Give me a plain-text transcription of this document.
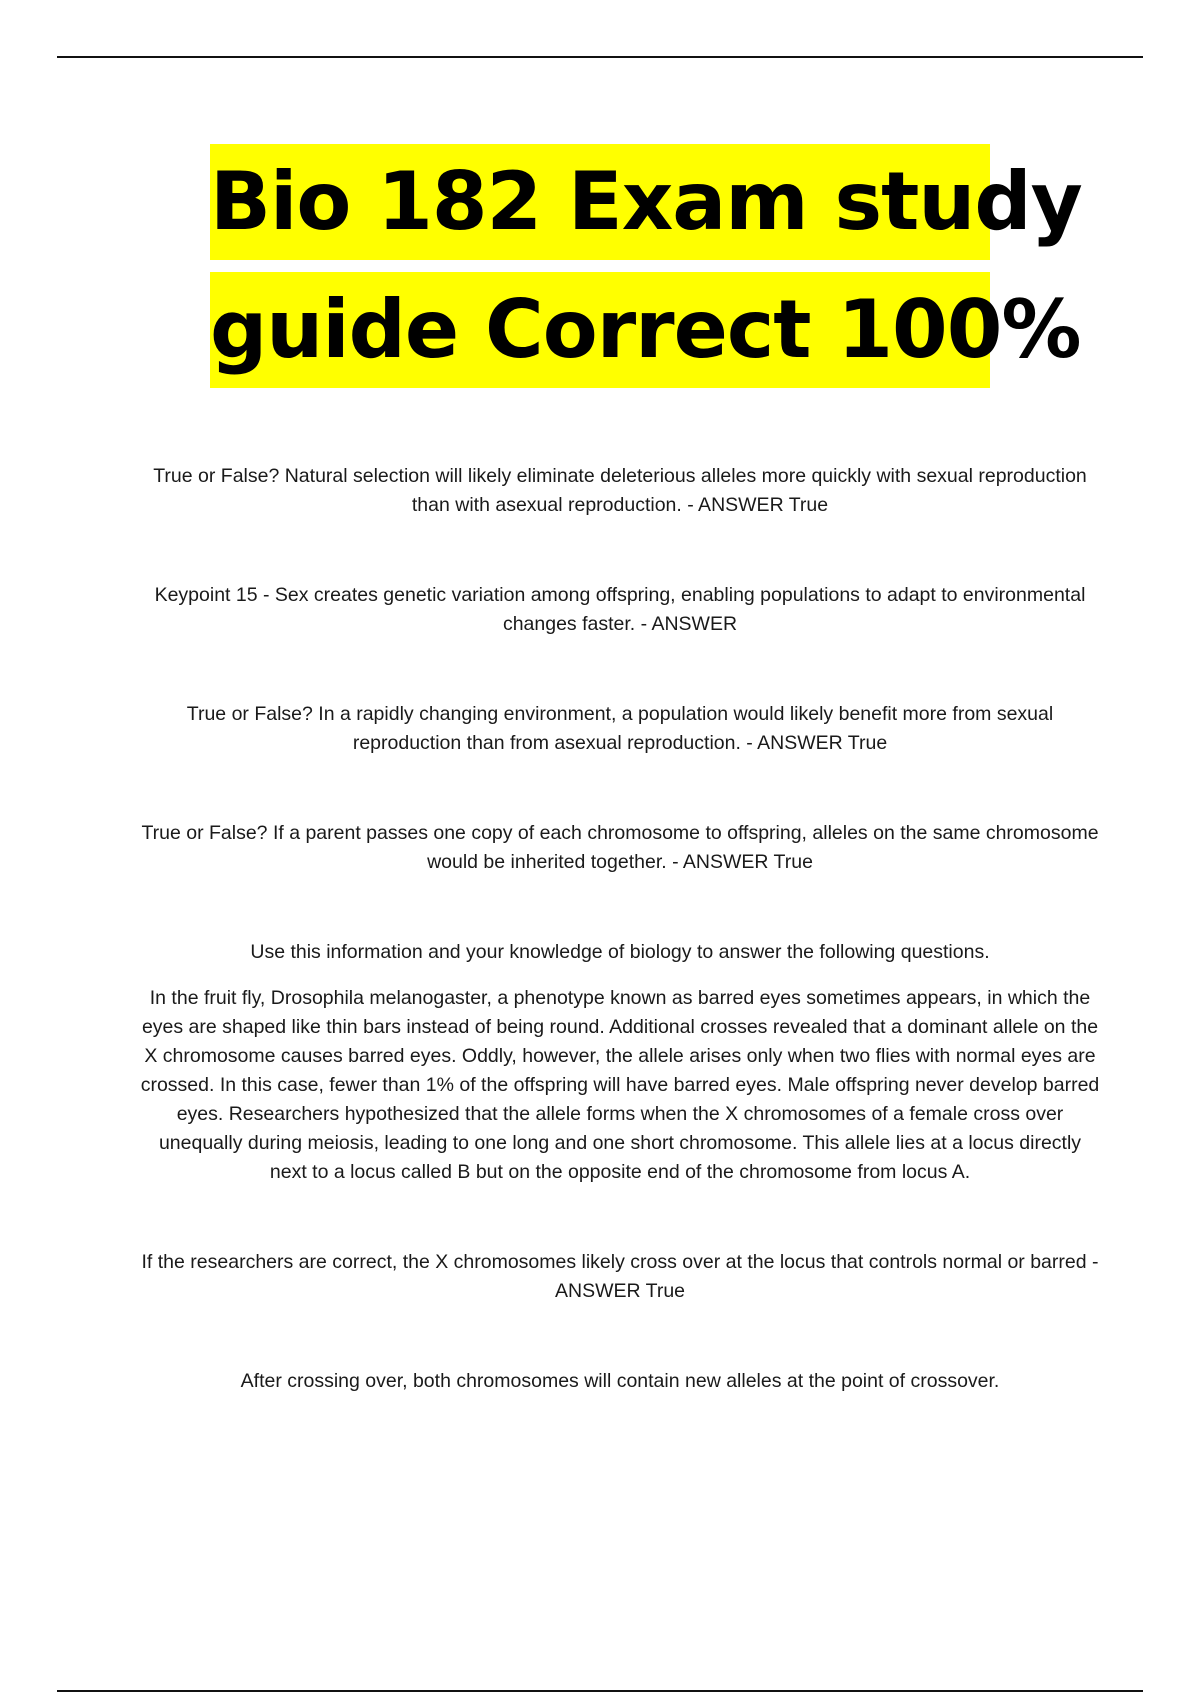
Bio 182 Exam study
guide Correct 100%

True or False? Natural selection will likely eliminate deleterious alleles more quickly with sexual reproduction than with asexual reproduction. - ANSWER True

Keypoint 15 - Sex creates genetic variation among offspring, enabling populations to adapt to environmental changes faster. - ANSWER

True or False? In a rapidly changing environment, a population would likely benefit more from sexual reproduction than from asexual reproduction. - ANSWER True

True or False? If a parent passes one copy of each chromosome to offspring, alleles on the same chromosome would be inherited together. - ANSWER True

Use this information and your knowledge of biology to answer the following questions.

In the fruit fly, Drosophila melanogaster, a phenotype known as barred eyes sometimes appears, in which the eyes are shaped like thin bars instead of being round. Additional crosses revealed that a dominant allele on the X chromosome causes barred eyes. Oddly, however, the allele arises only when two flies with normal eyes are crossed. In this case, fewer than 1% of the offspring will have barred eyes. Male offspring never develop barred eyes. Researchers hypothesized that the allele forms when the X chromosomes of a female cross over unequally during meiosis, leading to one long and one short chromosome. This allele lies at a locus directly next to a locus called B but on the opposite end of the chromosome from locus A.

If the researchers are correct, the X chromosomes likely cross over at the locus that controls normal or barred - ANSWER True

After crossing over, both chromosomes will contain new alleles at the point of crossover.
